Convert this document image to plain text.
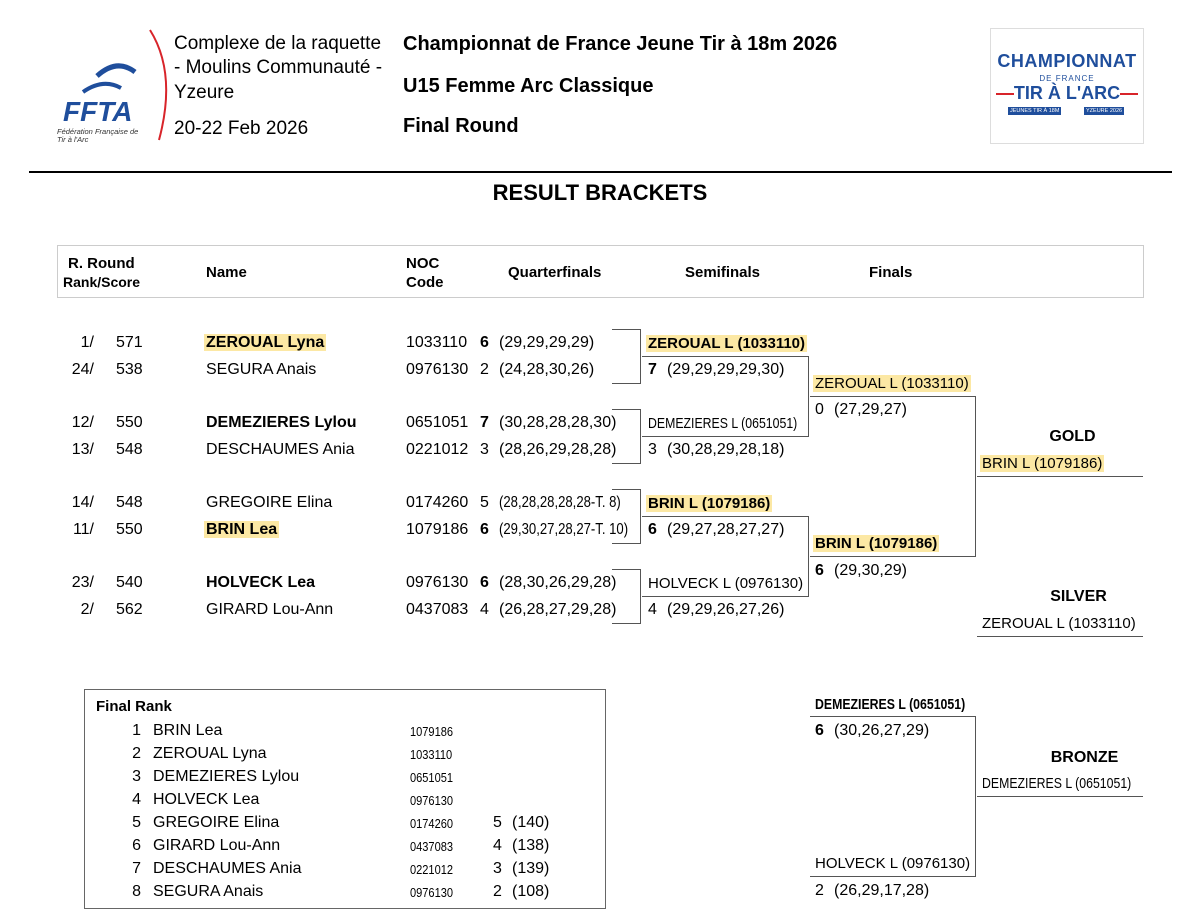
FFTA
Fédération Française de Tir à l'Arc
Complexe de la raquette
- Moulins Communauté -
Yzeure
20-22 Feb 2026
Championnat de France Jeune Tir à 18m 2026
U15 Femme Arc Classique
Final Round
CHAMPIONNAT
DE FRANCE
TIR À L'ARC
JEUNES TIR À 18M	YZEURE 2026
RESULT BRACKETS
R. Round
Rank/Score
Name
NOC
Code
Quarterfinals	Semifinals	Finals
1/ 571	ZEROUAL Lyna	1033110 6 (29,29,29,29)
24/ 538	SEGURA Anais	0976130 2 (24,28,30,26)
12/ 550	DEMEZIERES Lylou	0651051 7 (30,28,28,28,30)
13/ 548	DESCHAUMES Ania	0221012 3 (28,26,29,28,28)
14/ 548	GREGOIRE Elina	0174260 5 (28,28,28,28,28-T. 8)
11/ 550	BRIN Lea	1079186 6 (29,30,27,28,27-T. 10)
23/ 540	HOLVECK Lea	0976130 6 (28,30,26,29,28)
2/ 562	GIRARD Lou-Ann	0437083 4 (26,28,27,29,28)
ZEROUAL L (1033110)
7 (29,29,29,29,30)
DEMEZIERES L (0651051)
3 (30,28,29,28,18)
BRIN L (1079186)
6 (29,27,28,27,27)
HOLVECK L (0976130)
4 (29,29,26,27,26)
ZEROUAL L (1033110)
0 (27,29,27)
BRIN L (1079186)
6 (29,30,29)
GOLD
BRIN L (1079186)
SILVER
ZEROUAL L (1033110)
DEMEZIERES L (0651051)
6 (30,26,27,29)
HOLVECK L (0976130)
2 (26,29,17,28)
BRONZE
DEMEZIERES L (0651051)
Final Rank
1 BRIN Lea	1079186
2 ZEROUAL Lyna	1033110
3 DEMEZIERES Lylou	0651051
4 HOLVECK Lea	0976130
5 GREGOIRE Elina	0174260 5 (140)
6 GIRARD Lou-Ann	0437083 4 (138)
7 DESCHAUMES Ania	0221012 3 (139)
8 SEGURA Anais	0976130 2 (108)
